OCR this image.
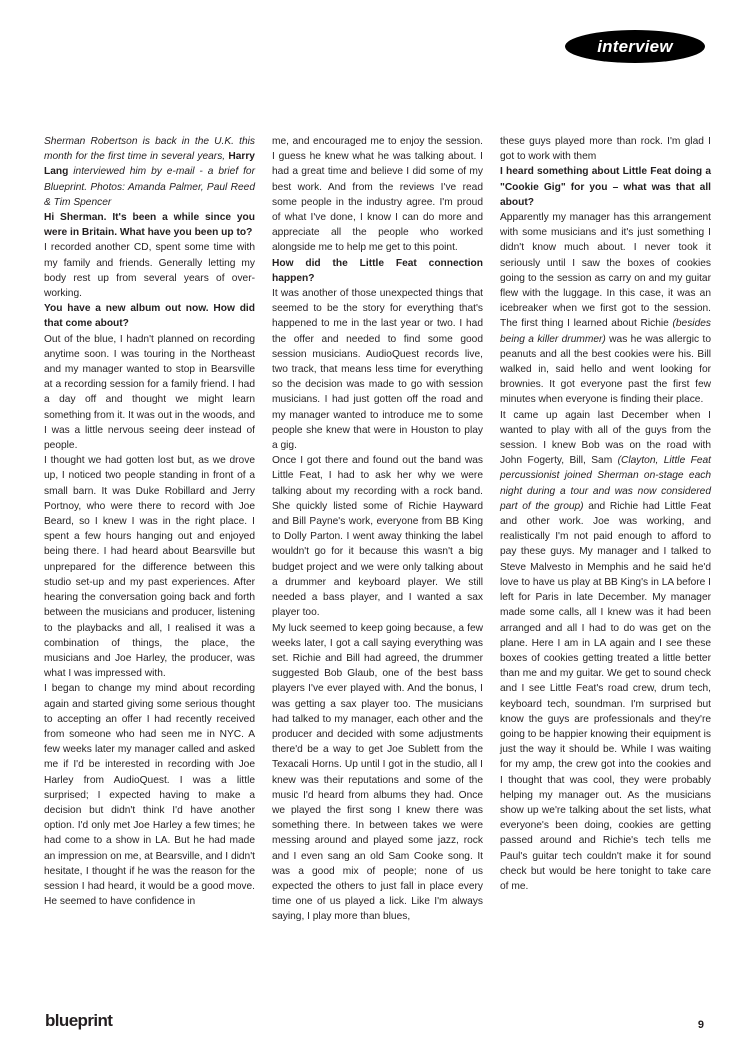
interview

Sherman Robertson is back in the U.K. this month for the first time in several years, Harry Lang interviewed him by e-mail - a brief for Blueprint. Photos: Amanda Palmer, Paul Reed & Tim Spencer

Hi Sherman. It's been a while since you were in Britain. What have you been up to?

I recorded another CD, spent some time with my family and friends. Generally letting my body rest up from several years of over-working.

You have a new album out now. How did that come about?

Out of the blue, I hadn't planned on recording anytime soon. I was touring in the Northeast and my manager wanted to stop in Bearsville at a recording session for a family friend. I had a day off and thought we might learn something from it. It was out in the woods, and I was a little nervous seeing deer instead of people.

I thought we had gotten lost but, as we drove up, I noticed two people standing in front of a small barn. It was Duke Robillard and Jerry Portnoy, who were there to record with Joe Beard, so I knew I was in the right place. I spent a few hours hanging out and enjoyed being there. I had heard about Bearsville but unprepared for the difference between this studio set-up and my past experiences. After hearing the conversation going back and forth between the musicians and producer, listening to the playbacks and all, I realised it was a combination of things, the place, the musicians and Joe Harley, the producer, was what I was impressed with.

I began to change my mind about recording again and started giving some serious thought to accepting an offer I had recently received from someone who had seen me in NYC. A few weeks later my manager called and asked me if I'd be interested in recording with Joe Harley from AudioQuest. I was a little surprised; I expected having to make a decision but didn't think I'd have another option. I'd only met Joe Harley a few times; he had come to a show in LA. But he had made an impression on me, at Bearsville, and I didn't hesitate, I thought if he was the reason for the session I had heard, it would be a good move. He seemed to have confidence in

me, and encouraged me to enjoy the session. I guess he knew what he was talking about. I had a great time and believe I did some of my best work. And from the reviews I've read some people in the industry agree. I'm proud of what I've done, I know I can do more and appreciate all the people who worked alongside me to help me get to this point.

How did the Little Feat connection happen?

It was another of those unexpected things that seemed to be the story for everything that's happened to me in the last year or two. I had the offer and needed to find some good session musicians. AudioQuest records live, two track, that means less time for everything so the decision was made to go with session musicians. I had just gotten off the road and my manager wanted to introduce me to some people she knew that were in Houston to play a gig.

Once I got there and found out the band was Little Feat, I had to ask her why we were talking about my recording with a rock band. She quickly listed some of Richie Hayward and Bill Payne's work, everyone from BB King to Dolly Parton. I went away thinking the label wouldn't go for it because this wasn't a big budget project and we were only talking about a drummer and keyboard player. We still needed a bass player, and I wanted a sax player too.

My luck seemed to keep going because, a few weeks later, I got a call saying everything was set. Richie and Bill had agreed, the drummer suggested Bob Glaub, one of the best bass players I've ever played with. And the bonus, I was getting a sax player too. The musicians had talked to my manager, each other and the producer and decided with some adjustments there'd be a way to get Joe Sublett from the Texacali Horns. Up until I got in the studio, all I knew was their reputations and some of the music I'd heard from albums they had. Once we played the first song I knew there was something there. In between takes we were messing around and played some jazz, rock and I even sang an old Sam Cooke song. It was a good mix of people; none of us expected the others to just fall in place every time one of us played a lick. Like I'm always saying, I play more than blues,

these guys played more than rock. I'm glad I got to work with them

I heard something about Little Feat doing a "Cookie Gig" for you – what was that all about?

Apparently my manager has this arrangement with some musicians and it's just something I didn't know much about. I never took it seriously until I saw the boxes of cookies going to the session as carry on and my guitar flew with the luggage. In this case, it was an icebreaker when we first got to the session. The first thing I learned about Richie (besides being a killer drummer) was he was allergic to peanuts and all the best cookies were his. Bill walked in, said hello and went looking for brownies. It got everyone past the first few minutes when everyone is finding their place.

It came up again last December when I wanted to play with all of the guys from the session. I knew Bob was on the road with John Fogerty, Bill, Sam (Clayton, Little Feat percussionist joined Sherman on-stage each night during a tour and was now considered part of the group) and Richie had Little Feat and other work. Joe was working, and realistically I'm not paid enough to afford to pay these guys. My manager and I talked to Steve Malvesto in Memphis and he said he'd love to have us play at BB King's in LA before I left for Paris in late December. My manager made some calls, all I knew was it had been arranged and all I had to do was get on the plane. Here I am in LA again and I see these boxes of cookies getting treated a little better than me and my guitar. We get to sound check and I see Little Feat's road crew, drum tech, keyboard tech, soundman. I'm surprised but know the guys are professionals and they're going to be happier knowing their equipment is just the way it should be. While I was waiting for my amp, the crew got into the cookies and I thought that was cool, they were probably helping my manager out. As the musicians show up we're talking about the set lists, what everyone's been doing, cookies are getting passed around and Richie's tech tells me Paul's guitar tech couldn't make it for sound check but would be here tonight to take care of me.

blueprint	9
